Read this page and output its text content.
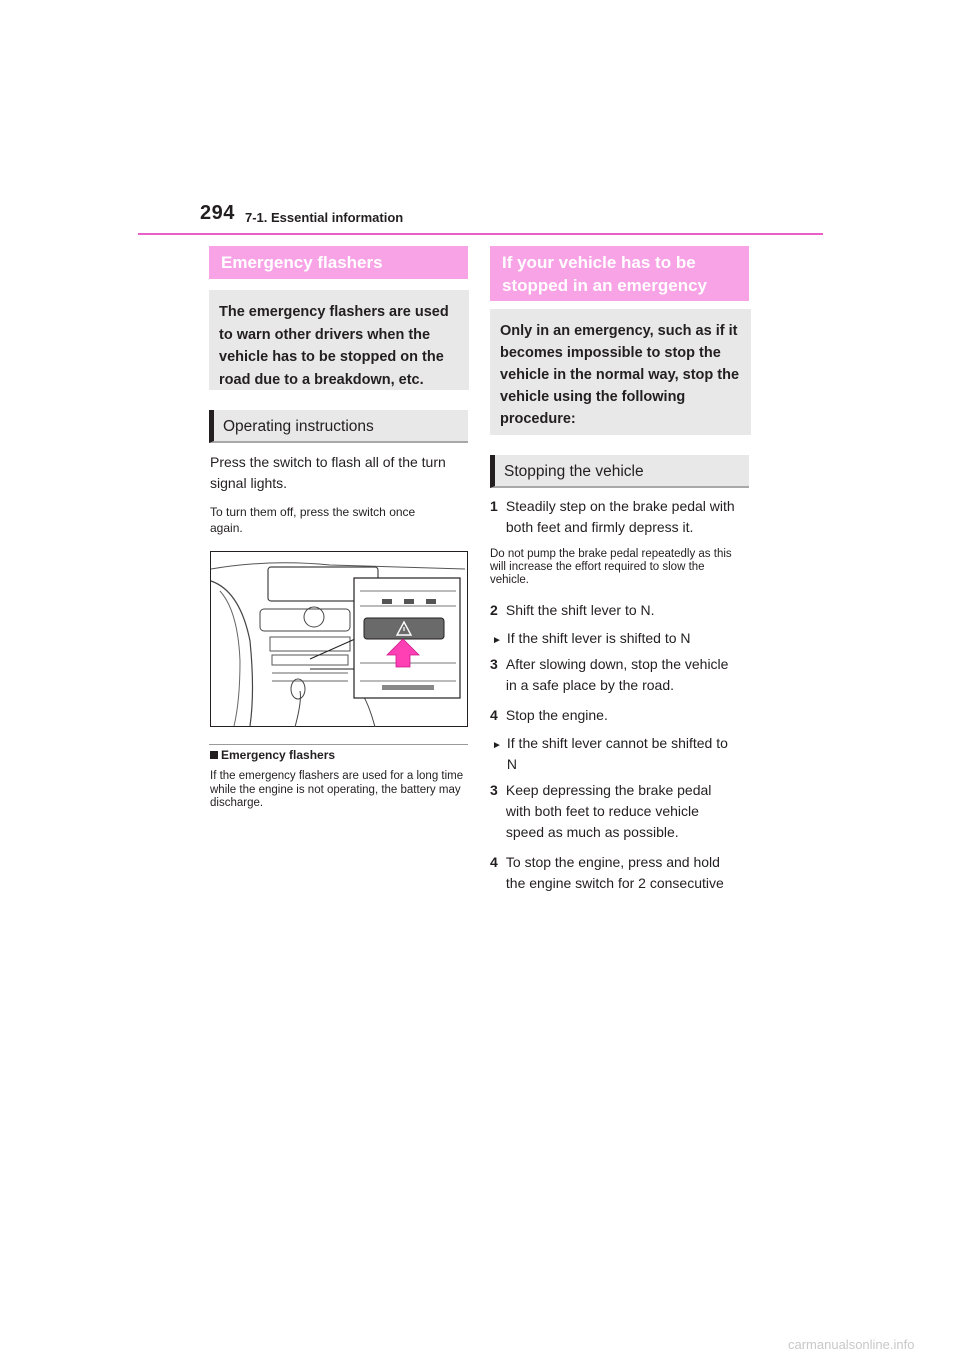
294 7-1. Essential information
Emergency flashers
The emergency flashers are used to warn other drivers when the vehicle has to be stopped on the road due to a breakdown, etc.
Operating instructions
Press the switch to flash all of the turn signal lights.
To turn them off, press the switch once again.
Emergency flashers
If the emergency flashers are used for a long time while the engine is not operating, the battery may discharge.
If your vehicle has to be
stopped in an emergency
Only in an emergency, such as if it becomes impossible to stop the vehicle in the normal way, stop the vehicle using the following procedure:
Stopping the vehicle
1 Steadily step on the brake pedal with both feet and firmly depress it.
Do not pump the brake pedal repeatedly as this will increase the effort required to slow the vehicle.
2 Shift the shift lever to N.
► If the shift lever is shifted to N
3 After slowing down, stop the vehicle in a safe place by the road.
4 Stop the engine.
► If the shift lever cannot be shifted to N
3 Keep depressing the brake pedal with both feet to reduce vehicle speed as much as possible.
4 To stop the engine, press and hold the engine switch for 2 consecutive
carmanualsonline.info
